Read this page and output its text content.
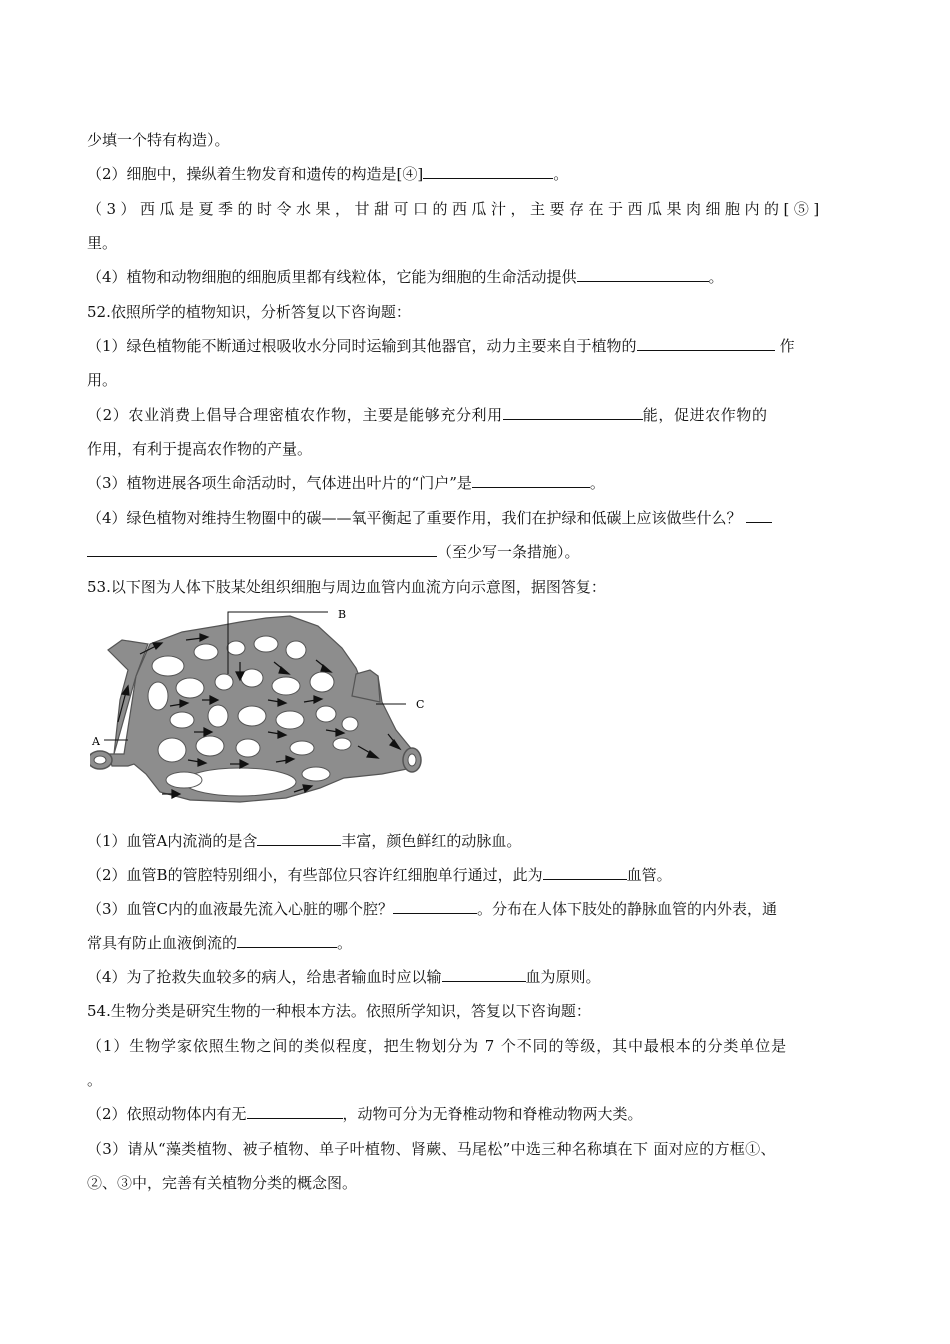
少填一个特有构造）。
（2）细胞中，操纵着生物发育和遗传的构造是[④]	。
（3）西瓜是夏季的时令水果，甘甜可口的西瓜汁，主要存在于西瓜果肉细胞内的[⑤]
里。
（4）植物和动物细胞的细胞质里都有线粒体，它能为细胞的生命活动提供	。
52.依照所学的植物知识，分析答复以下咨询题：
（1）绿色植物能不断通过根吸收水分同时运输到其他器官，动力主要来自于植物的	作
用。
（2）农业消费上倡导合理密植农作物，主要是能够充分利用	能，促进农作物的
作用，有利于提高农作物的产量。
（3）植物进展各项生命活动时，气体进出叶片的“门户”是	。
（4）绿色植物对维持生物圈中的碳——氧平衡起了重要作用，我们在护绿和低碳上应该做些什么？
（至少写一条措施）。
53.以下图为人体下肢某处组织细胞与周边血管内血流方向示意图，据图答复：
B
A
C
（1）血管A内流淌的是含	丰富，颜色鲜红的动脉血。
（2）血管B的管腔特别细小，有些部位只容许红细胞单行通过，此为	血管。
（3）血管C内的血液最先流入心脏的哪个腔？	。分布在人体下肢处的静脉血管的内外表，通
常具有防止血液倒流的	。
（4）为了抢救失血较多的病人，给患者输血时应以输	血为原则。
54.生物分类是研究生物的一种根本方法。依照所学知识，答复以下咨询题：
（1）生物学家依照生物之间的类似程度，把生物划分为 7 个不同的等级，其中最根本的分类单位是
。
（2）依照动物体内有无	，动物可分为无脊椎动物和脊椎动物两大类。
（3）请从“藻类植物、被子植物、单子叶植物、肾蕨、马尾松”中选三种名称填在下 面对应的方框①、
②、③中，完善有关植物分类的概念图。
